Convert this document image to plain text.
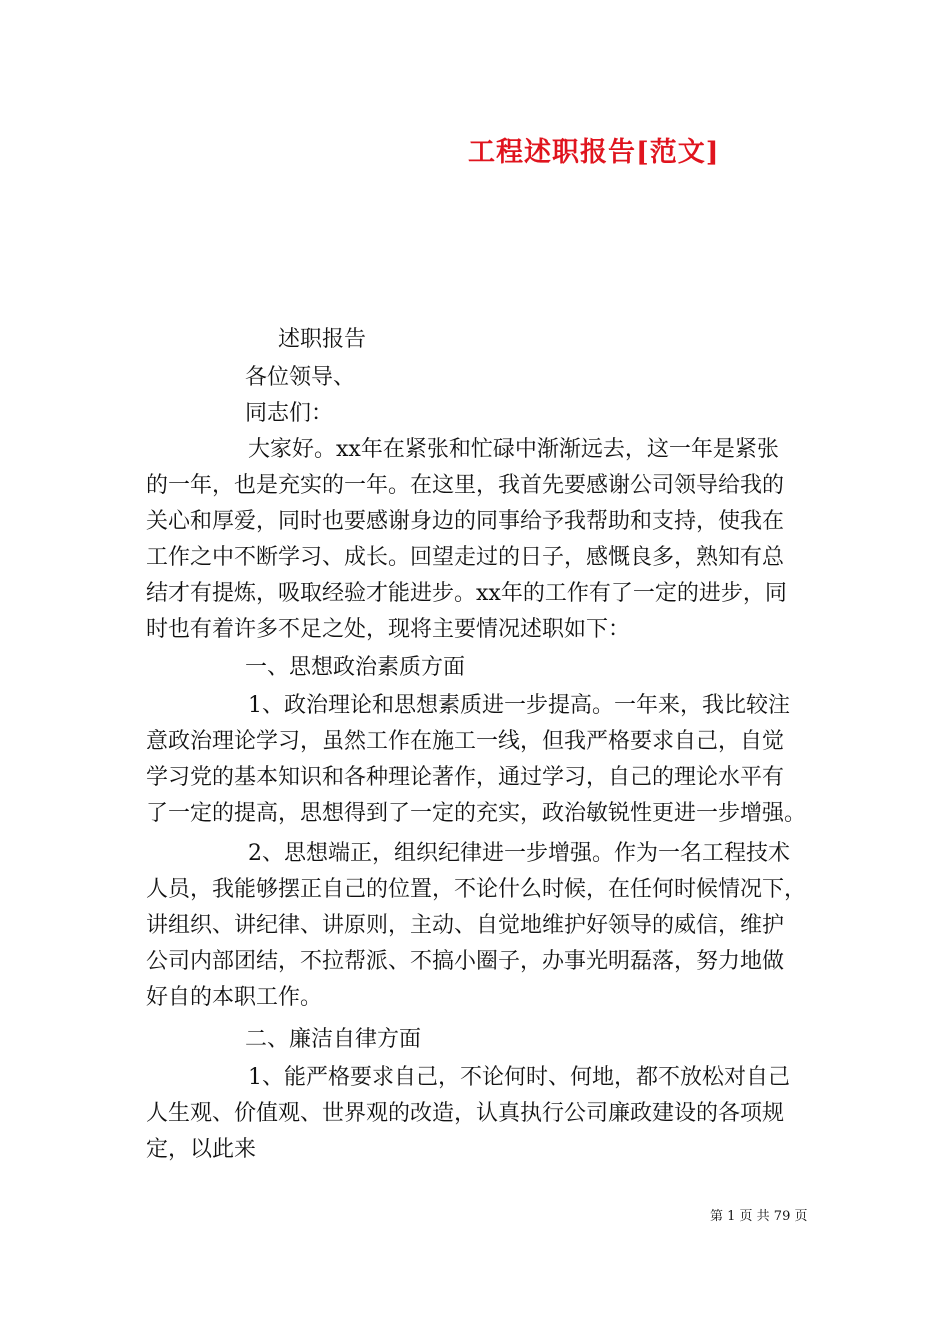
工程述职报告[范文]
述职报告
各位领导、
同志们：
大家好。xx年在紧张和忙碌中渐渐远去，这一年是紧张
的一年，也是充实的一年。在这里，我首先要感谢公司领导给我的
关心和厚爱，同时也要感谢身边的同事给予我帮助和支持，使我在
工作之中不断学习、成长。回望走过的日子，感慨良多，熟知有总
结才有提炼，吸取经验才能进步。xx年的工作有了一定的进步，同
时也有着许多不足之处，现将主要情况述职如下：
一、思想政治素质方面
1、政治理论和思想素质进一步提高。一年来，我比较注
意政治理论学习，虽然工作在施工一线，但我严格要求自己，自觉
学习党的基本知识和各种理论著作，通过学习，自己的理论水平有
了一定的提高，思想得到了一定的充实，政治敏锐性更进一步增强。
2、思想端正，组织纪律进一步增强。作为一名工程技术
人员，我能够摆正自己的位置，不论什么时候，在任何时候情况下，
讲组织、讲纪律、讲原则，主动、自觉地维护好领导的威信，维护
公司内部团结，不拉帮派、不搞小圈子，办事光明磊落，努力地做
好自的本职工作。
二、廉洁自律方面
1、能严格要求自己，不论何时、何地，都不放松对自己
人生观、价值观、世界观的改造，认真执行公司廉政建设的各项规
定，以此来
第 1 页 共 79 页
